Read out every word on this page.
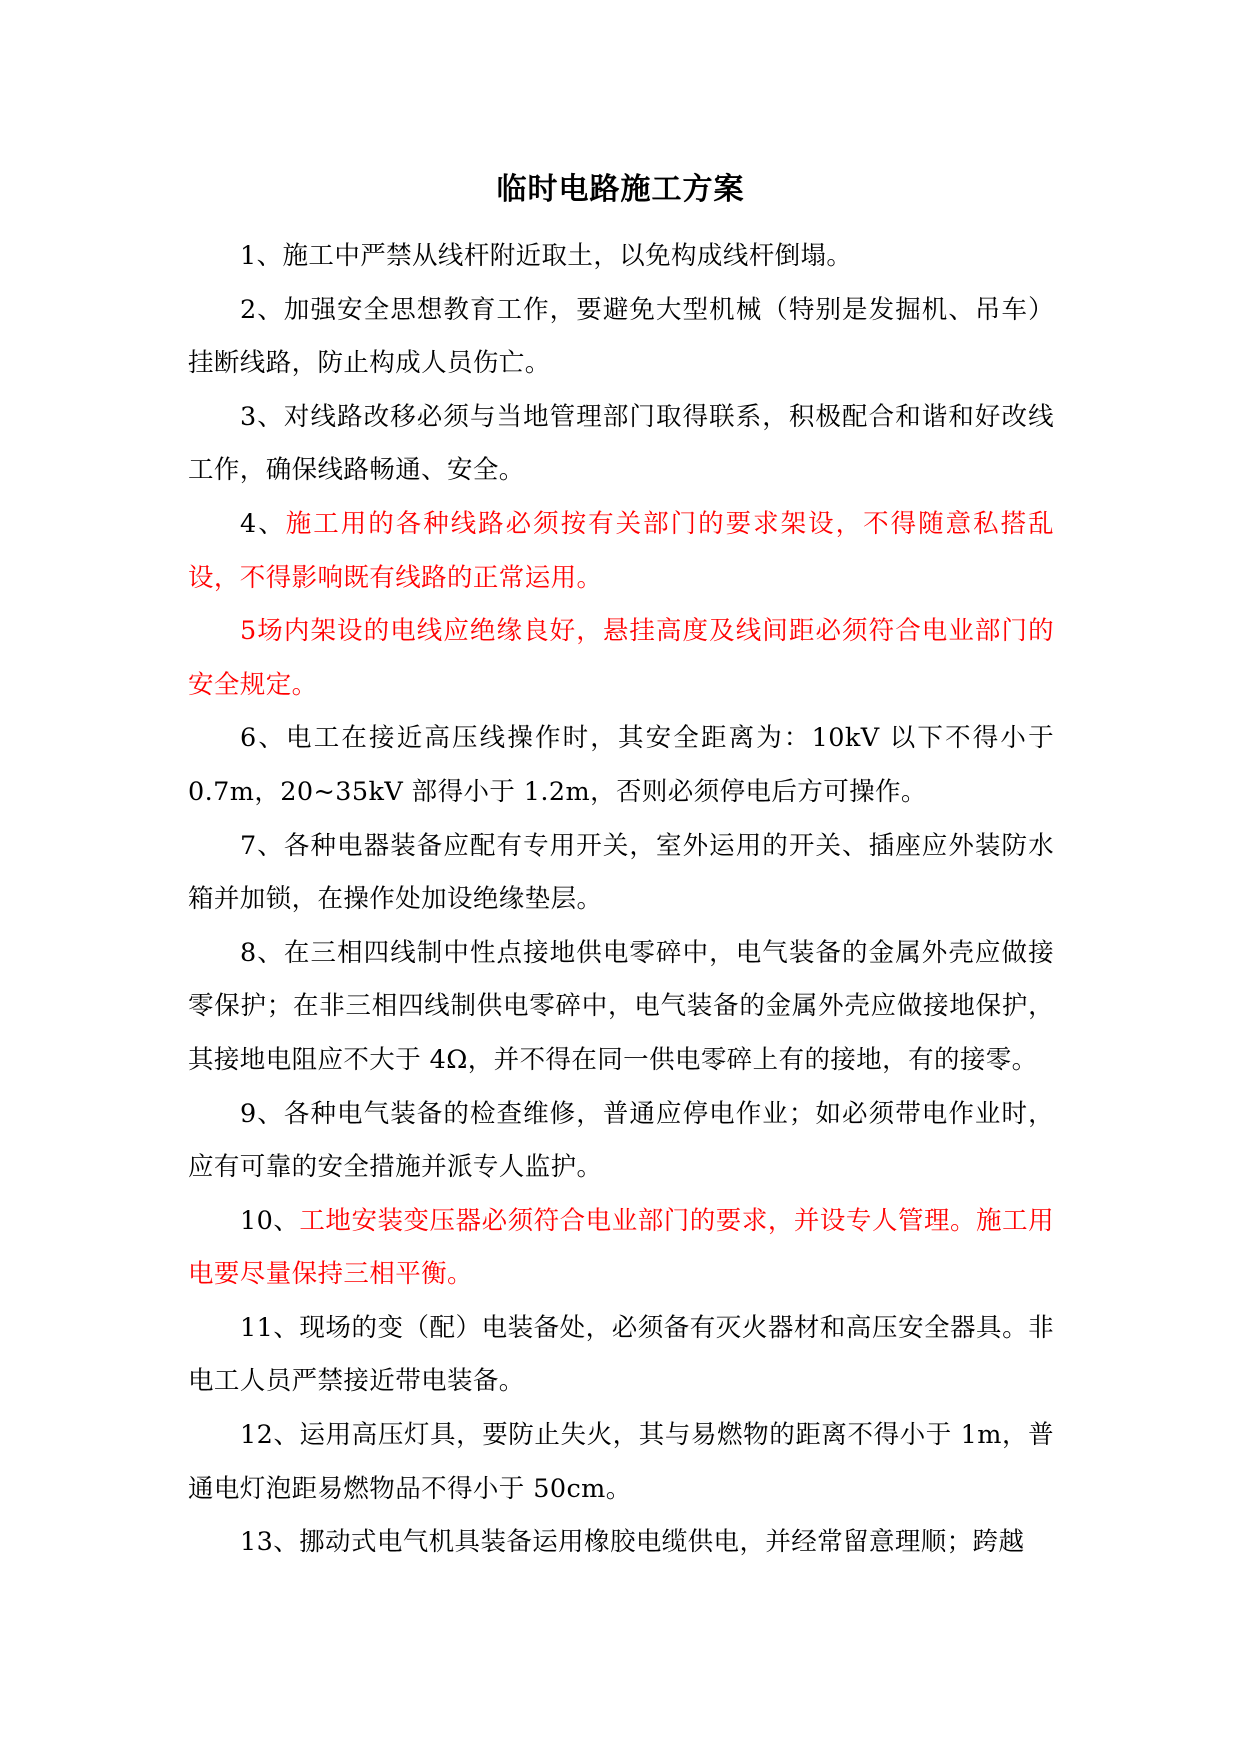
临时电路施工方案

1、施工中严禁从线杆附近取土，以免构成线杆倒塌。

2、加强安全思想教育工作，要避免大型机械（特别是发掘机、吊车）挂断线路，防止构成人员伤亡。

3、对线路改移必须与当地管理部门取得联系，积极配合和谐和好改线工作，确保线路畅通、安全。

4、施工用的各种线路必须按有关部门的要求架设，不得随意私搭乱设，不得影响既有线路的正常运用。

5场内架设的电线应绝缘良好，悬挂高度及线间距必须符合电业部门的安全规定。

6、电工在接近高压线操作时，其安全距离为：10kV 以下不得小于 0.7m，20~35kV 部得小于 1.2m，否则必须停电后方可操作。

7、各种电器装备应配有专用开关，室外运用的开关、插座应外装防水箱并加锁，在操作处加设绝缘垫层。

8、在三相四线制中性点接地供电零碎中，电气装备的金属外壳应做接零保护；在非三相四线制供电零碎中，电气装备的金属外壳应做接地保护，其接地电阻应不大于 4Ω，并不得在同一供电零碎上有的接地，有的接零。

9、各种电气装备的检查维修，普通应停电作业；如必须带电作业时，应有可靠的安全措施并派专人监护。

10、工地安装变压器必须符合电业部门的要求，并设专人管理。施工用电要尽量保持三相平衡。

11、现场的变（配）电装备处，必须备有灭火器材和高压安全器具。非电工人员严禁接近带电装备。

12、运用高压灯具，要防止失火，其与易燃物的距离不得小于 1m，普通电灯泡距易燃物品不得小于 50cm。

13、挪动式电气机具装备运用橡胶电缆供电，并经常留意理顺；跨越
